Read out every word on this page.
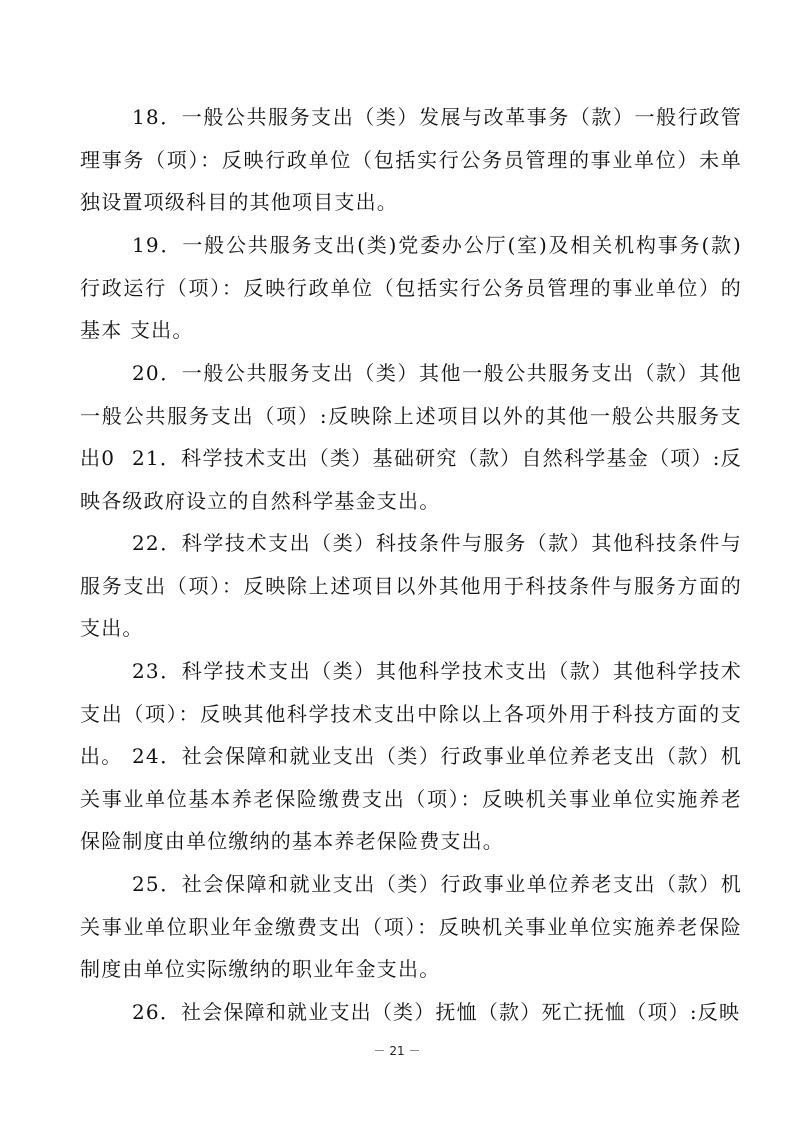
18．一般公共服务支出（类）发展与改革事务（款）一般行政管理事务（项）：反映行政单位（包括实行公务员管理的事业单位）未单独设置项级科目的其他项目支出。

19．一般公共服务支出(类)党委办公厅(室)及相关机构事务(款)行政运行（项）：反映行政单位（包括实行公务员管理的事业单位）的基本 支出。

20．一般公共服务支出（类）其他一般公共服务支出（款）其他一般公共服务支出（项）:反映除上述项目以外的其他一般公共服务支出0 21．科学技术支出（类）基础研究（款）自然科学基金（项）:反映各级政府设立的自然科学基金支出。

22．科学技术支出（类）科技条件与服务（款）其他科技条件与服务支出（项）：反映除上述项目以外其他用于科技条件与服务方面的支出。

23．科学技术支出（类）其他科学技术支出（款）其他科学技术支出（项）：反映其他科学技术支出中除以上各项外用于科技方面的支出。 24．社会保障和就业支出（类）行政事业单位养老支出（款）机关事业单位基本养老保险缴费支出（项）：反映机关事业单位实施养老保险制度由单位缴纳的基本养老保险费支出。

25．社会保障和就业支出（类）行政事业单位养老支出（款）机关事业单位职业年金缴费支出（项）：反映机关事业单位实施养老保险制度由单位实际缴纳的职业年金支出。

26．社会保障和就业支出（类）抚恤（款）死亡抚恤（项）:反映

－ 21 －
